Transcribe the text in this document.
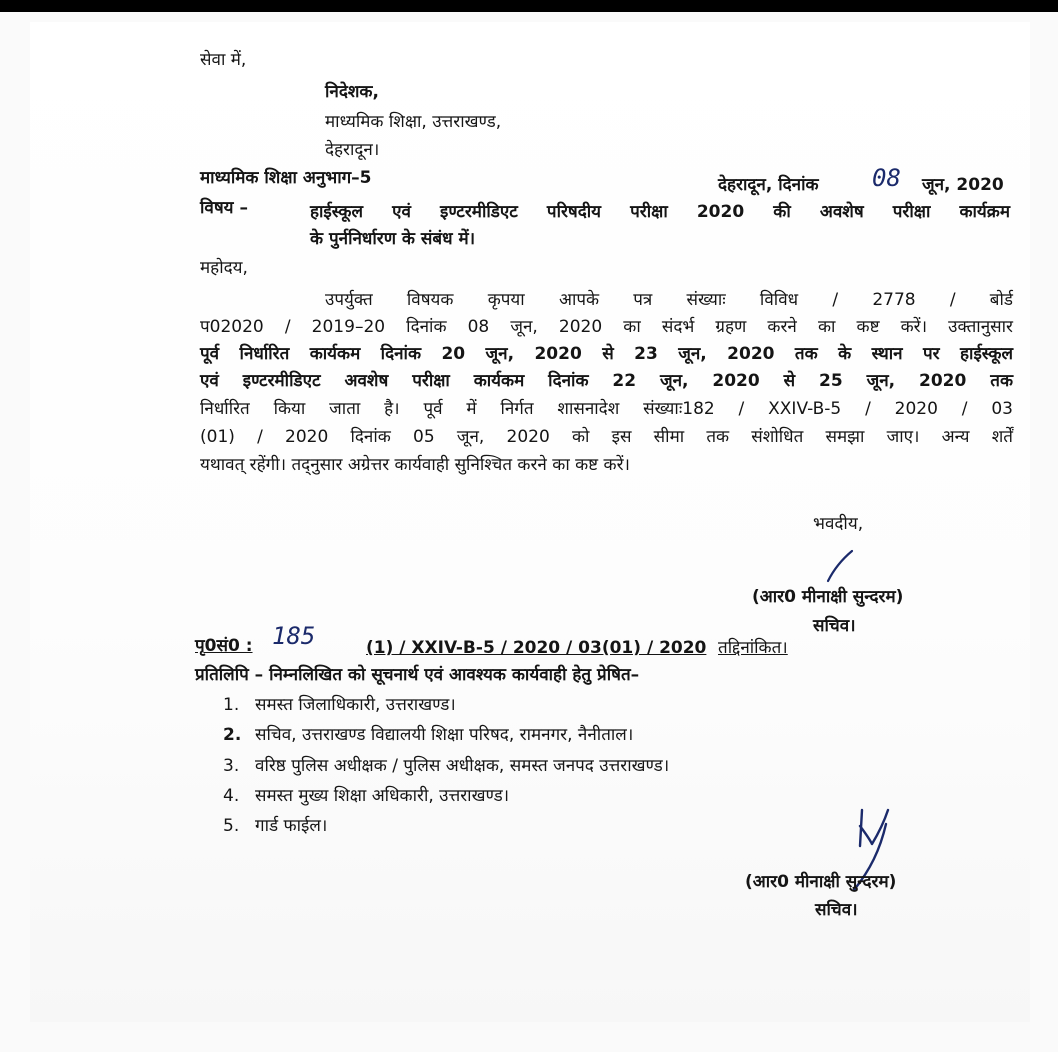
सेवा में,
निदेशक,
माध्यमिक शिक्षा, उत्तराखण्ड,
देहरादून।
माध्यमिक शिक्षा अनुभाग–5	देहरादून, दिनांक 08 जून, 2020
विषय –	हाईस्कूल एवं इण्टरमीडिएट परिषदीय परीक्षा 2020 की अवशेष परीक्षा कार्यक्रम
के पुर्ननिर्धारण के संबंध में।
महोदय,
उपर्युक्त विषयक कृपया आपके पत्र संख्याः विविध / 2778 / बोर्ड
प02020 / 2019–20 दिनांक 08 जून, 2020 का संदर्भ ग्रहण करने का कष्ट करें। उक्तानुसार
पूर्व निर्धारित कार्यकम दिनांक 20 जून, 2020 से 23 जून, 2020 तक के स्थान पर हाईस्कूल
एवं इण्टरमीडिएट अवशेष परीक्षा कार्यकम दिनांक 22 जून, 2020 से 25 जून, 2020 तक
निर्धारित किया जाता है। पूर्व में निर्गत शासनादेश संख्याः182 / XXIV-B-5 / 2020 / 03
(01) / 2020 दिनांक 05 जून, 2020 को इस सीमा तक संशोधित समझा जाए। अन्य शर्तें
यथावत् रहेंगी। तद्नुसार अग्रेत्तर कार्यवाही सुनिश्चित करने का कष्ट करें।
भवदीय,
(आर0 मीनाक्षी सुन्दरम)
सचिव।
पृ0सं0 : 185	(1) / XXIV-B-5 / 2020 / 03(01) / 2020 तद्दिनांकित।
प्रतिलिपि – निम्नलिखित को सूचनार्थ एवं आवश्यक कार्यवाही हेतु प्रेषित–
1. समस्त जिलाधिकारी, उत्तराखण्ड।
2. सचिव, उत्तराखण्ड विद्यालयी शिक्षा परिषद, रामनगर, नैनीताल।
3. वरिष्ठ पुलिस अधीक्षक / पुलिस अधीक्षक, समस्त जनपद उत्तराखण्ड।
4. समस्त मुख्य शिक्षा अधिकारी, उत्तराखण्ड।
5. गार्ड फाईल।
(आर0 मीनाक्षी सुन्दरम)
सचिव।
